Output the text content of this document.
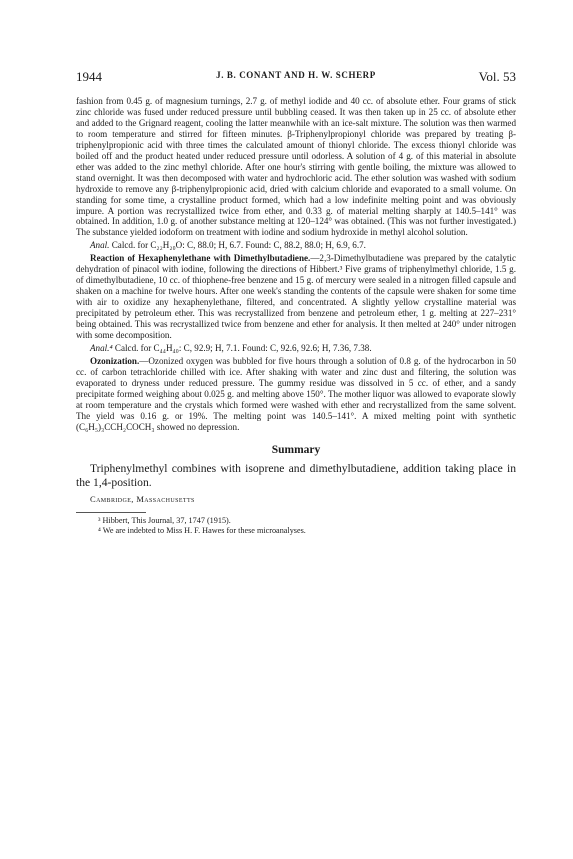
1944	J. B. CONANT AND H. W. SCHERP	Vol. 53

fashion from 0.45 g. of magnesium turnings, 2.7 g. of methyl iodide and 40 cc. of absolute ether. Four grams of stick zinc chloride was fused under reduced pressure until bubbling ceased. It was then taken up in 25 cc. of absolute ether and added to the Grignard reagent, cooling the latter meanwhile with an ice-salt mixture. The solution was then warmed to room temperature and stirred for fifteen minutes. β-Triphenylpropionyl chloride was prepared by treating β-triphenylpropionic acid with three times the calculated amount of thionyl chloride. The excess thionyl chloride was boiled off and the product heated under reduced pressure until odorless. A solution of 4 g. of this material in absolute ether was added to the zinc methyl chloride. After one hour's stirring with gentle boiling, the mixture was allowed to stand overnight. It was then decomposed with water and hydrochloric acid. The ether solution was washed with sodium hydroxide to remove any β-triphenylpropionic acid, dried with calcium chloride and evaporated to a small volume. On standing for some time, a crystalline product formed, which had a low indefinite melting point and was obviously impure. A portion was recrystallized twice from ether, and 0.33 g. of material melting sharply at 140.5–141° was obtained. In addition, 1.0 g. of another substance melting at 120–124° was obtained. (This was not further investigated.) The substance yielded iodoform on treatment with iodine and sodium hydroxide in methyl alcohol solution.

Anal. Calcd. for C₂₂H₂₀O: C, 88.0; H, 6.7. Found: C, 88.2, 88.0; H, 6.9, 6.7.

Reaction of Hexaphenylethane with Dimethylbutadiene.—2,3-Dimethylbutadiene was prepared by the catalytic dehydration of pinacol with iodine, following the directions of Hibbert.³ Five grams of triphenylmethyl chloride, 1.5 g. of dimethylbutadiene, 10 cc. of thiophene-free benzene and 15 g. of mercury were sealed in a nitrogen filled capsule and shaken on a machine for twelve hours. After one week's standing the contents of the capsule were shaken for some time with air to oxidize any hexaphenylethane, filtered, and concentrated. A slightly yellow crystalline material was precipitated by petroleum ether. This was recrystallized from benzene and petroleum ether, 1 g. melting at 227–231° being obtained. This was recrystallized twice from benzene and ether for analysis. It then melted at 240° under nitrogen with some decomposition.

Anal.⁴ Calcd. for C₄₄H₄₀: C, 92.9; H, 7.1. Found: C, 92.6, 92.6; H, 7.36, 7.38.

Ozonization.—Ozonized oxygen was bubbled for five hours through a solution of 0.8 g. of the hydrocarbon in 50 cc. of carbon tetrachloride chilled with ice. After shaking with water and zinc dust and filtering, the solution was evaporated to dryness under reduced pressure. The gummy residue was dissolved in 5 cc. of ether, and a sandy precipitate formed weighing about 0.025 g. and melting above 150°. The mother liquor was allowed to evaporate slowly at room temperature and the crystals which formed were washed with ether and recrystallized from the same solvent. The yield was 0.16 g. or 19%. The melting point was 140.5–141°. A mixed melting point with synthetic (C₆H₅)₃CCH₂COCH₃ showed no depression.

Summary

Triphenylmethyl combines with isoprene and dimethylbutadiene, addition taking place in the 1,4-position.

Cambridge, Massachusetts

³ Hibbert, This Journal, 37, 1747 (1915).

⁴ We are indebted to Miss H. F. Hawes for these microanalyses.
